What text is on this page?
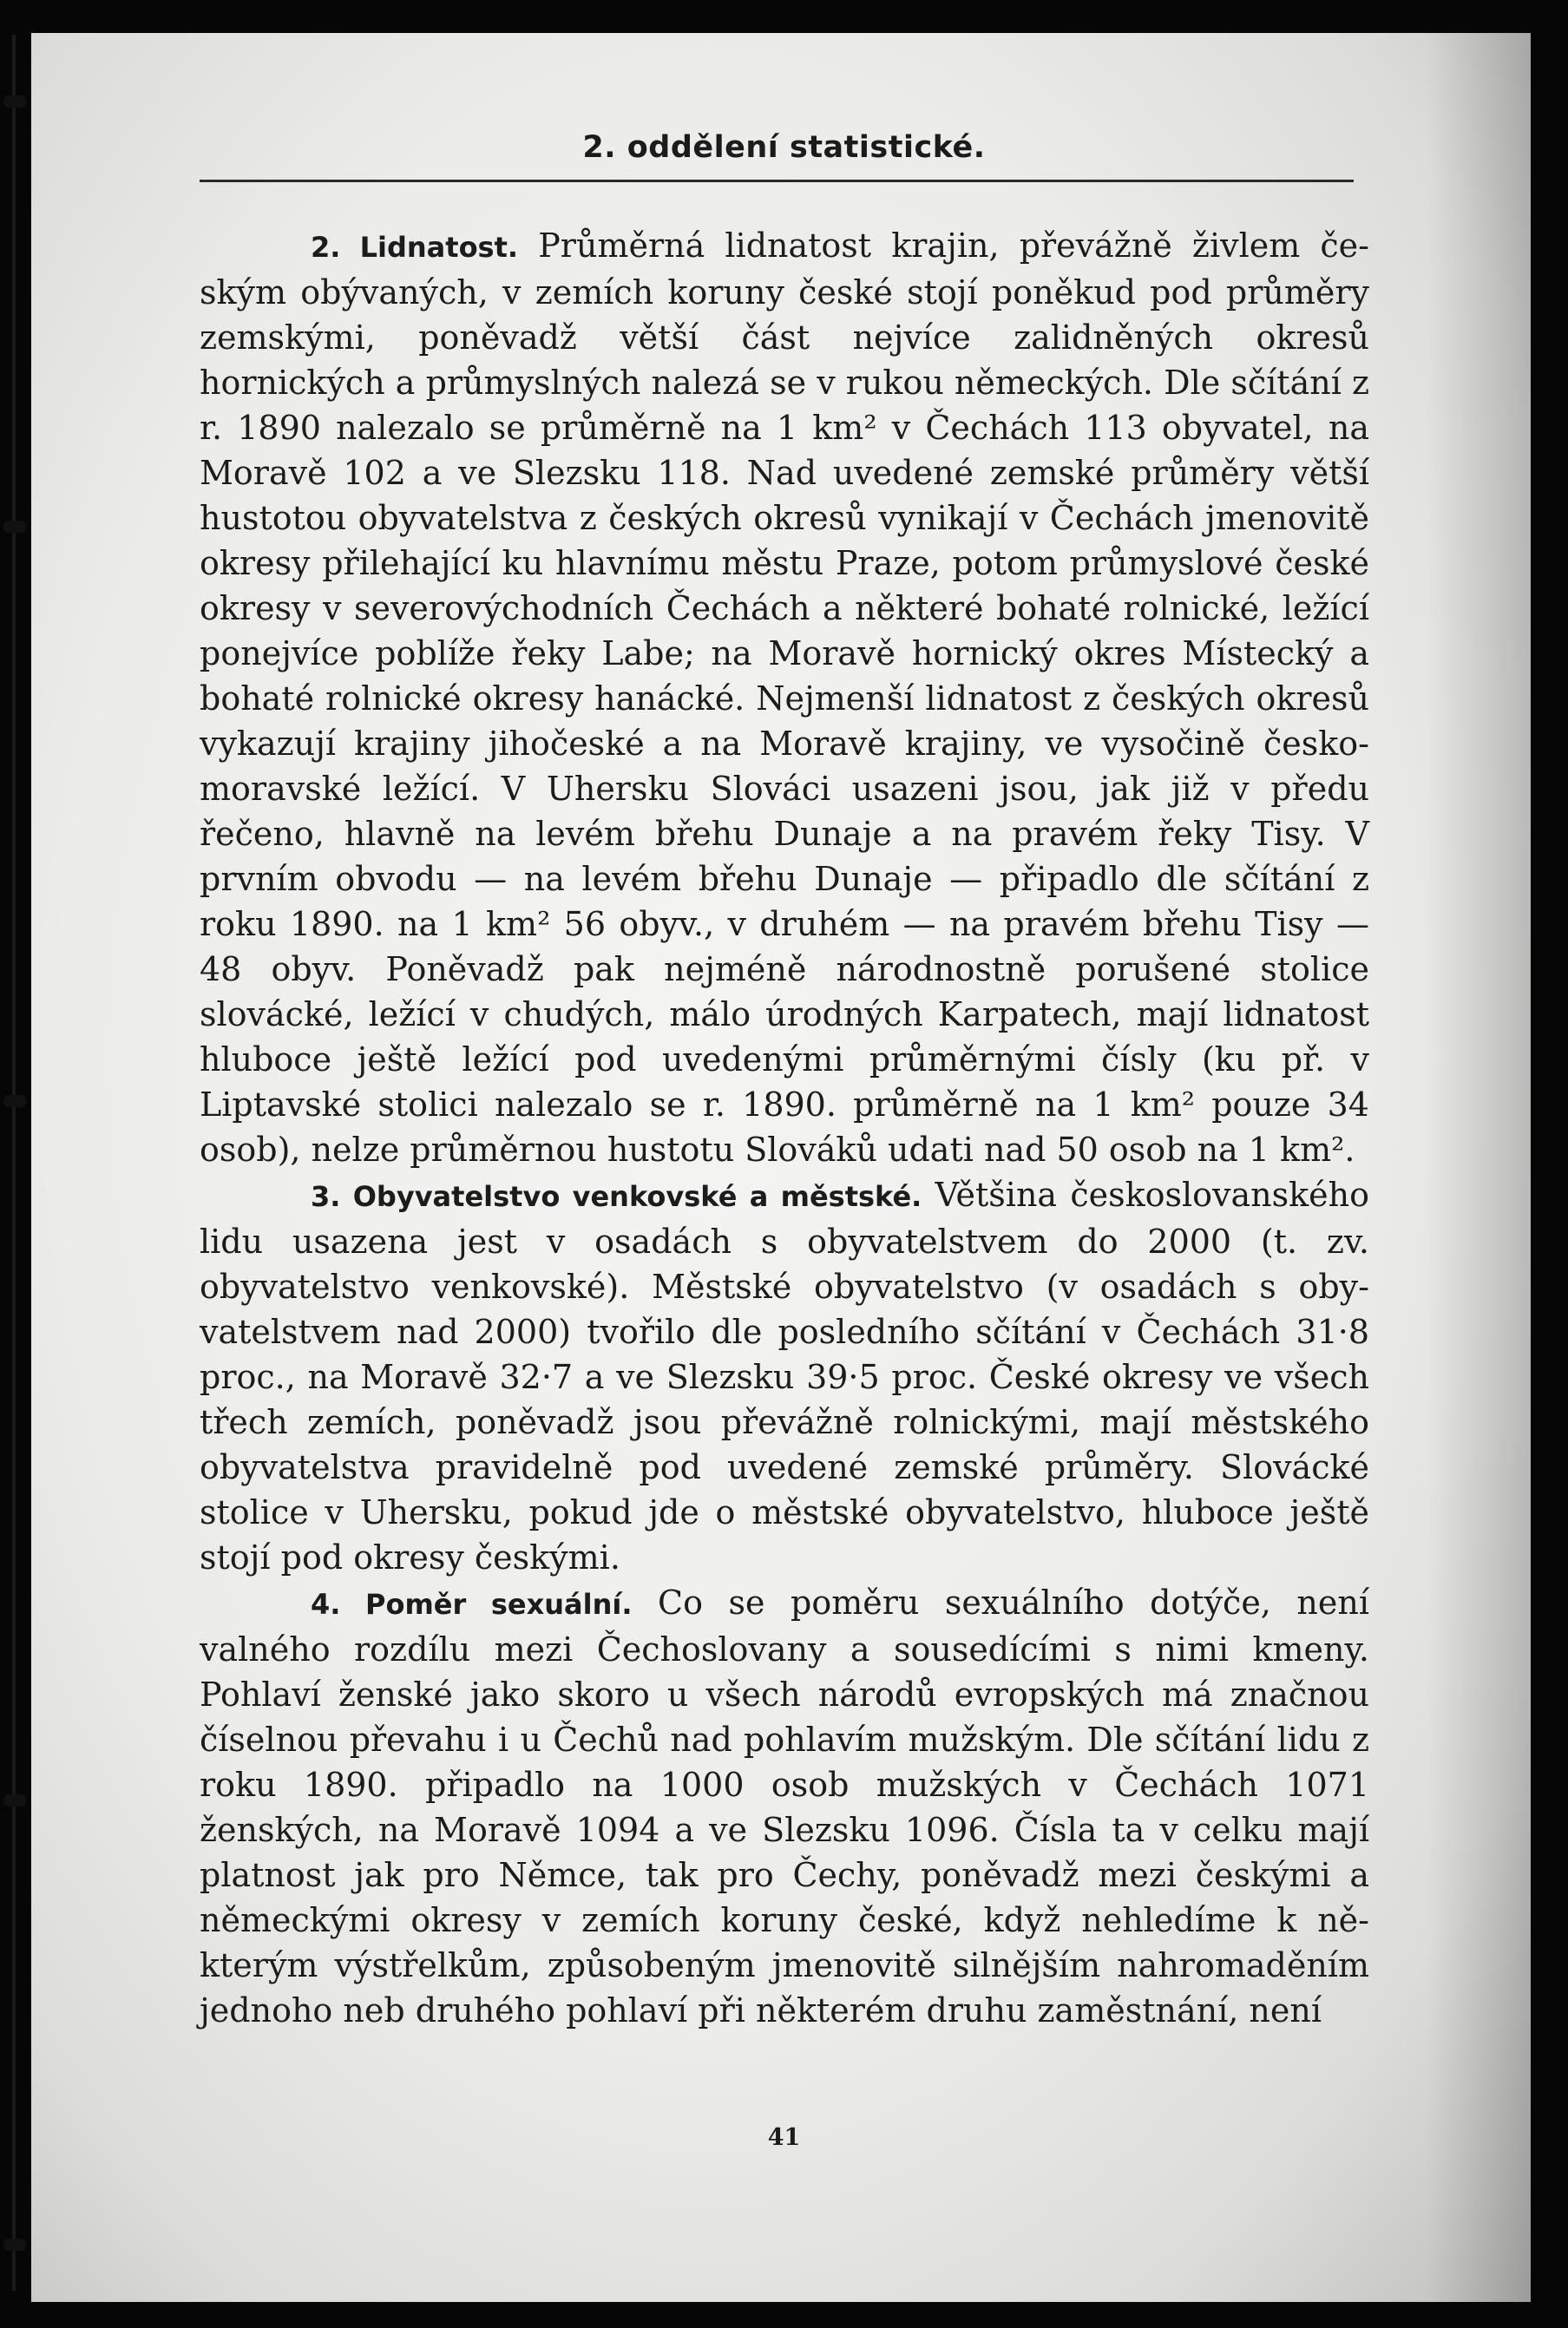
2. oddělení statistické.

2. Lidnatost. Průměrná lidnatost krajin, převážně živlem českým obývaných, v zemích koruny české stojí poněkud pod průměry zemskými, poněvadž větší část nejvíce zalidněných okresů hornických a průmyslných nalezá se v rukou německých. Dle sčítání z r. 1890 nalezalo se průměrně na 1 km² v Čechách 113 obyvatel, na Moravě 102 a ve Slezsku 118. Nad uvedené zemské průměry větší hustotou obyvatelstva z českých okresů vynikají v Čechách jmenovitě okresy přilehající ku hlavnímu městu Praze, potom průmyslové české okresy v severovýchodních Čechách a některé bohaté rolnické, ležící ponejvíce poblíže řeky Labe; na Moravě hornický okres Místecký a bohaté rolnické okresy hanácké. Nejmenší lidnatost z českých okresů vykazují krajiny jihočeské a na Moravě krajiny, ve vysočině českomoravské ležící. V Uhersku Slováci usazeni jsou, jak již v předu řečeno, hlavně na levém břehu Dunaje a na pravém řeky Tisy. V prvním obvodu — na levém břehu Dunaje — připadlo dle sčítání z roku 1890. na 1 km² 56 obyv., v druhém — na pravém břehu Tisy — 48 obyv. Poněvadž pak nejméně národnostně porušené stolice slovácké, ležící v chudých, málo úrodných Karpatech, mají lidnatost hluboce ještě ležící pod uvedenými průměrnými čísly (ku př. v Liptavské stolici nalezalo se r. 1890. průměrně na 1 km² pouze 34 osob), nelze průměrnou hustotu Slováků udati nad 50 osob na 1 km².

3. Obyvatelstvo venkovské a městské. Většina českoslovanského lidu usazena jest v osadách s obyvatelstvem do 2000 (t. zv. obyvatelstvo venkovské). Městské obyvatelstvo (v osadách s obyvatelstvem nad 2000) tvořilo dle posledního sčítání v Čechách 31·8 proc., na Moravě 32·7 a ve Slezsku 39·5 proc. České okresy ve všech třech zemích, poněvadž jsou převážně rolnickými, mají městského obyvatelstva pravidelně pod uvedené zemské průměry. Slovácké stolice v Uhersku, pokud jde o městské obyvatelstvo, hluboce ještě stojí pod okresy českými.

4. Poměr sexuální. Co se poměru sexuálního dotýče, není valného rozdílu mezi Čechoslovany a sousedícími s nimi kmeny. Pohlaví ženské jako skoro u všech národů evropských má značnou číselnou převahu i u Čechů nad pohlavím mužským. Dle sčítání lidu z roku 1890. připadlo na 1000 osob mužských v Čechách 1071 ženských, na Moravě 1094 a ve Slezsku 1096. Čísla ta v celku mají platnost jak pro Němce, tak pro Čechy, poněvadž mezi českými a německými okresy v zemích koruny české, když nehledíme k některým výstřelkům, způsobeným jmenovitě silnějším nahromaděním jednoho neb druhého pohlaví při některém druhu zaměstnání, není

41
